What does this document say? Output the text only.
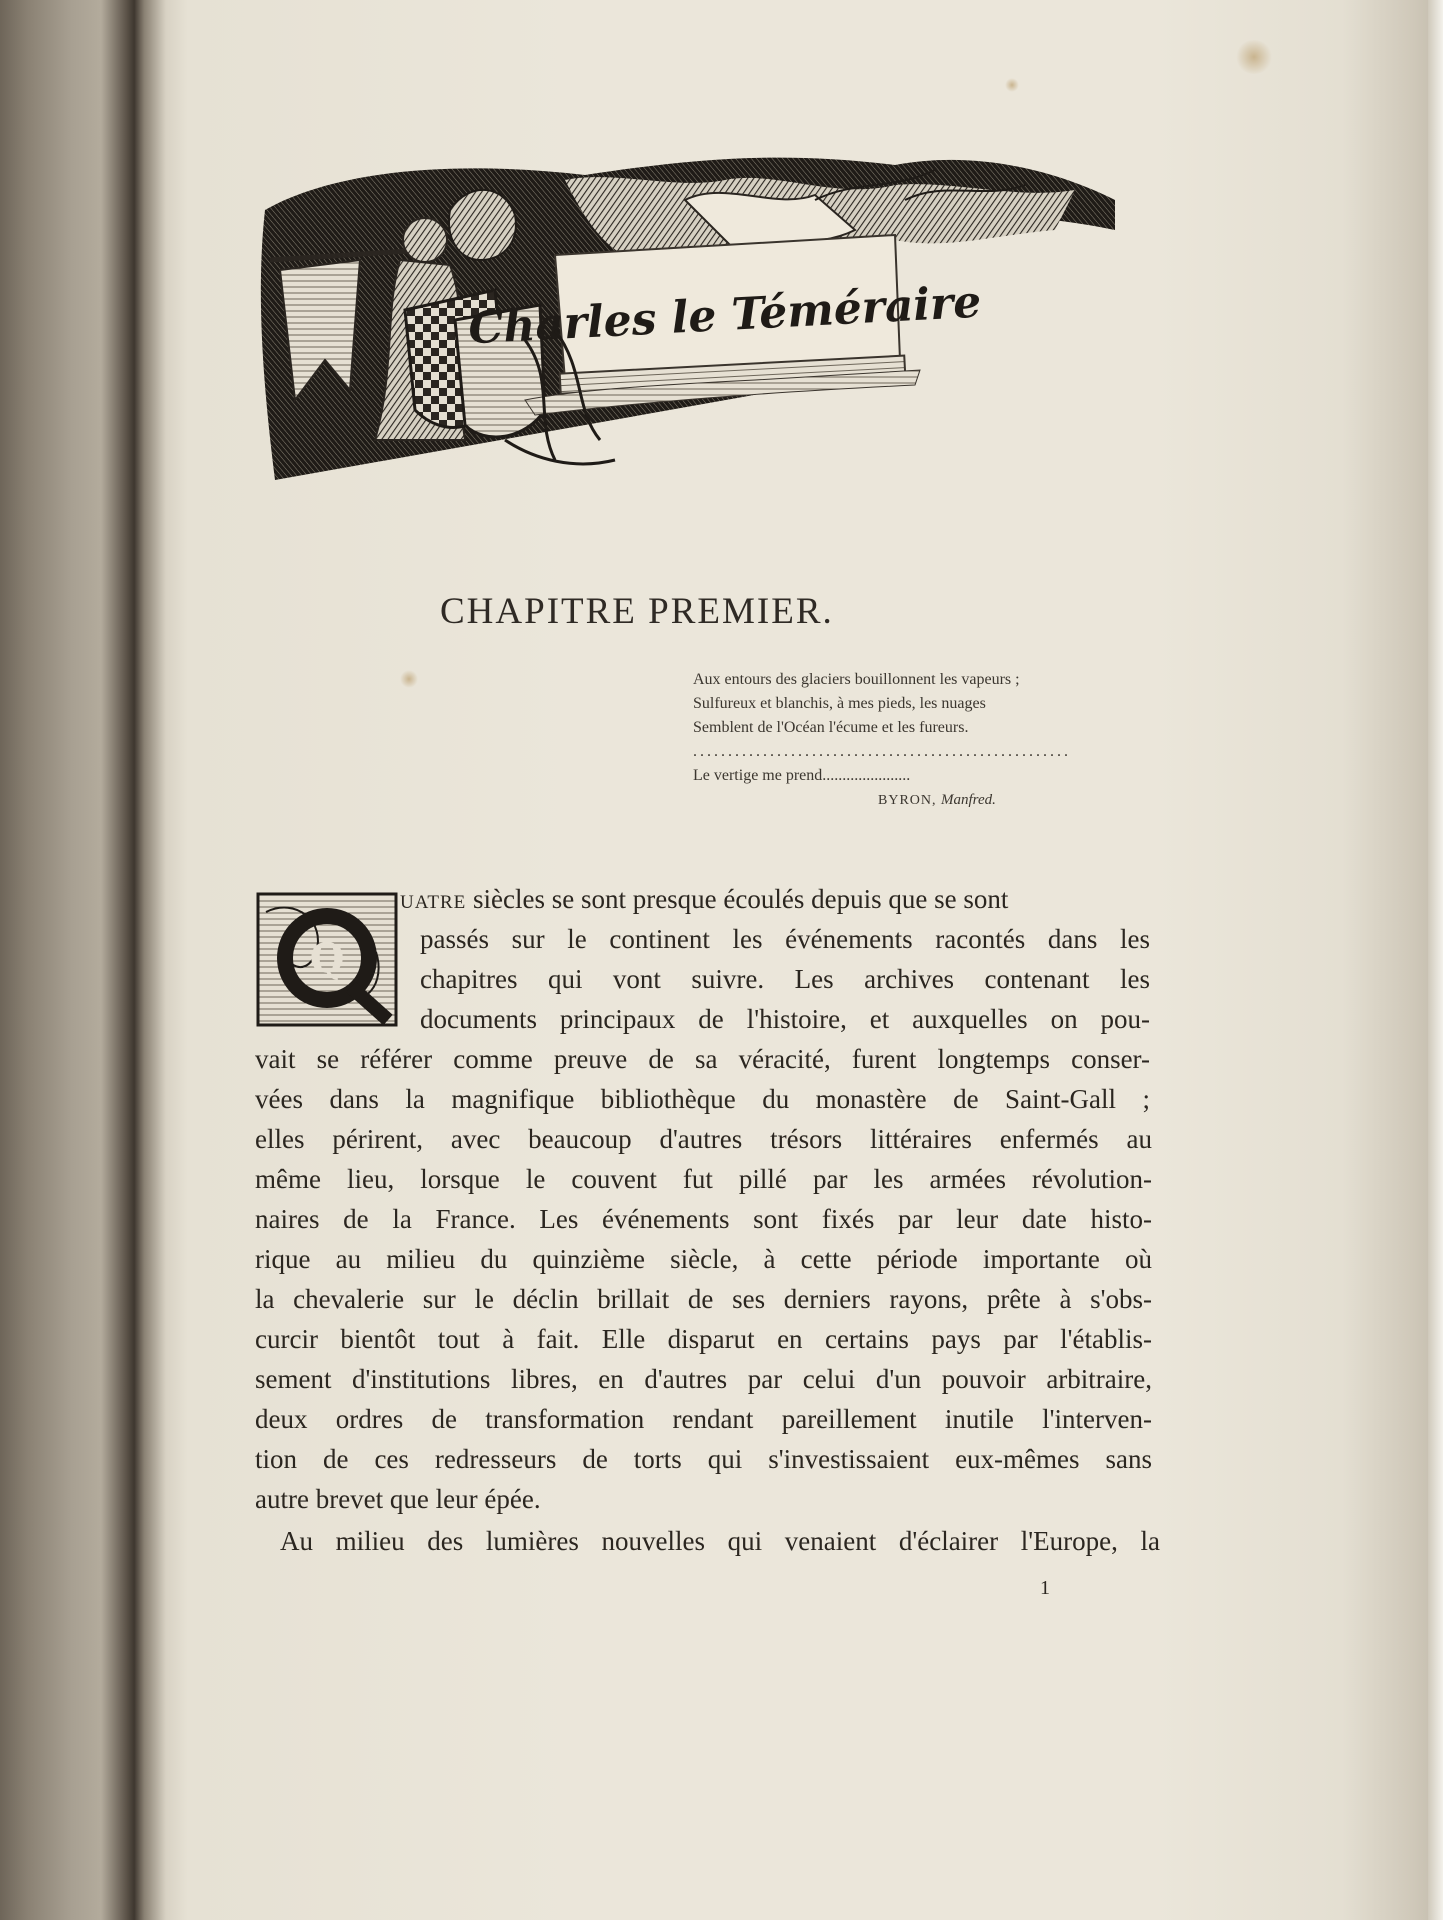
Charles le Téméraire
CHAPITRE PREMIER.
Aux entours des glaciers bouillonnent les vapeurs ;
Sulfureux et blanchis, à mes pieds, les nuages
Semblent de l'Océan l'écume et les fureurs.
......................................................
Le vertige me prend......................
BYRON, Manfred.
Q
UATRE siècles se sont presque écoulés depuis que se sont
passés sur le continent les événements racontés dans les
chapitres qui vont suivre. Les archives contenant les
documents principaux de l'histoire, et auxquelles on pou-
vait se référer comme preuve de sa véracité, furent longtemps conser-
vées dans la magnifique bibliothèque du monastère de Saint-Gall ;
elles périrent, avec beaucoup d'autres trésors littéraires enfermés au
même lieu, lorsque le couvent fut pillé par les armées révolution-
naires de la France. Les événements sont fixés par leur date histo-
rique au milieu du quinzième siècle, à cette période importante où
la chevalerie sur le déclin brillait de ses derniers rayons, prête à s'obs-
curcir bientôt tout à fait. Elle disparut en certains pays par l'établis-
sement d'institutions libres, en d'autres par celui d'un pouvoir arbitraire,
deux ordres de transformation rendant pareillement inutile l'interven-
tion de ces redresseurs de torts qui s'investissaient eux-mêmes sans
autre brevet que leur épée.
Au milieu des lumières nouvelles qui venaient d'éclairer l'Europe, la
1
